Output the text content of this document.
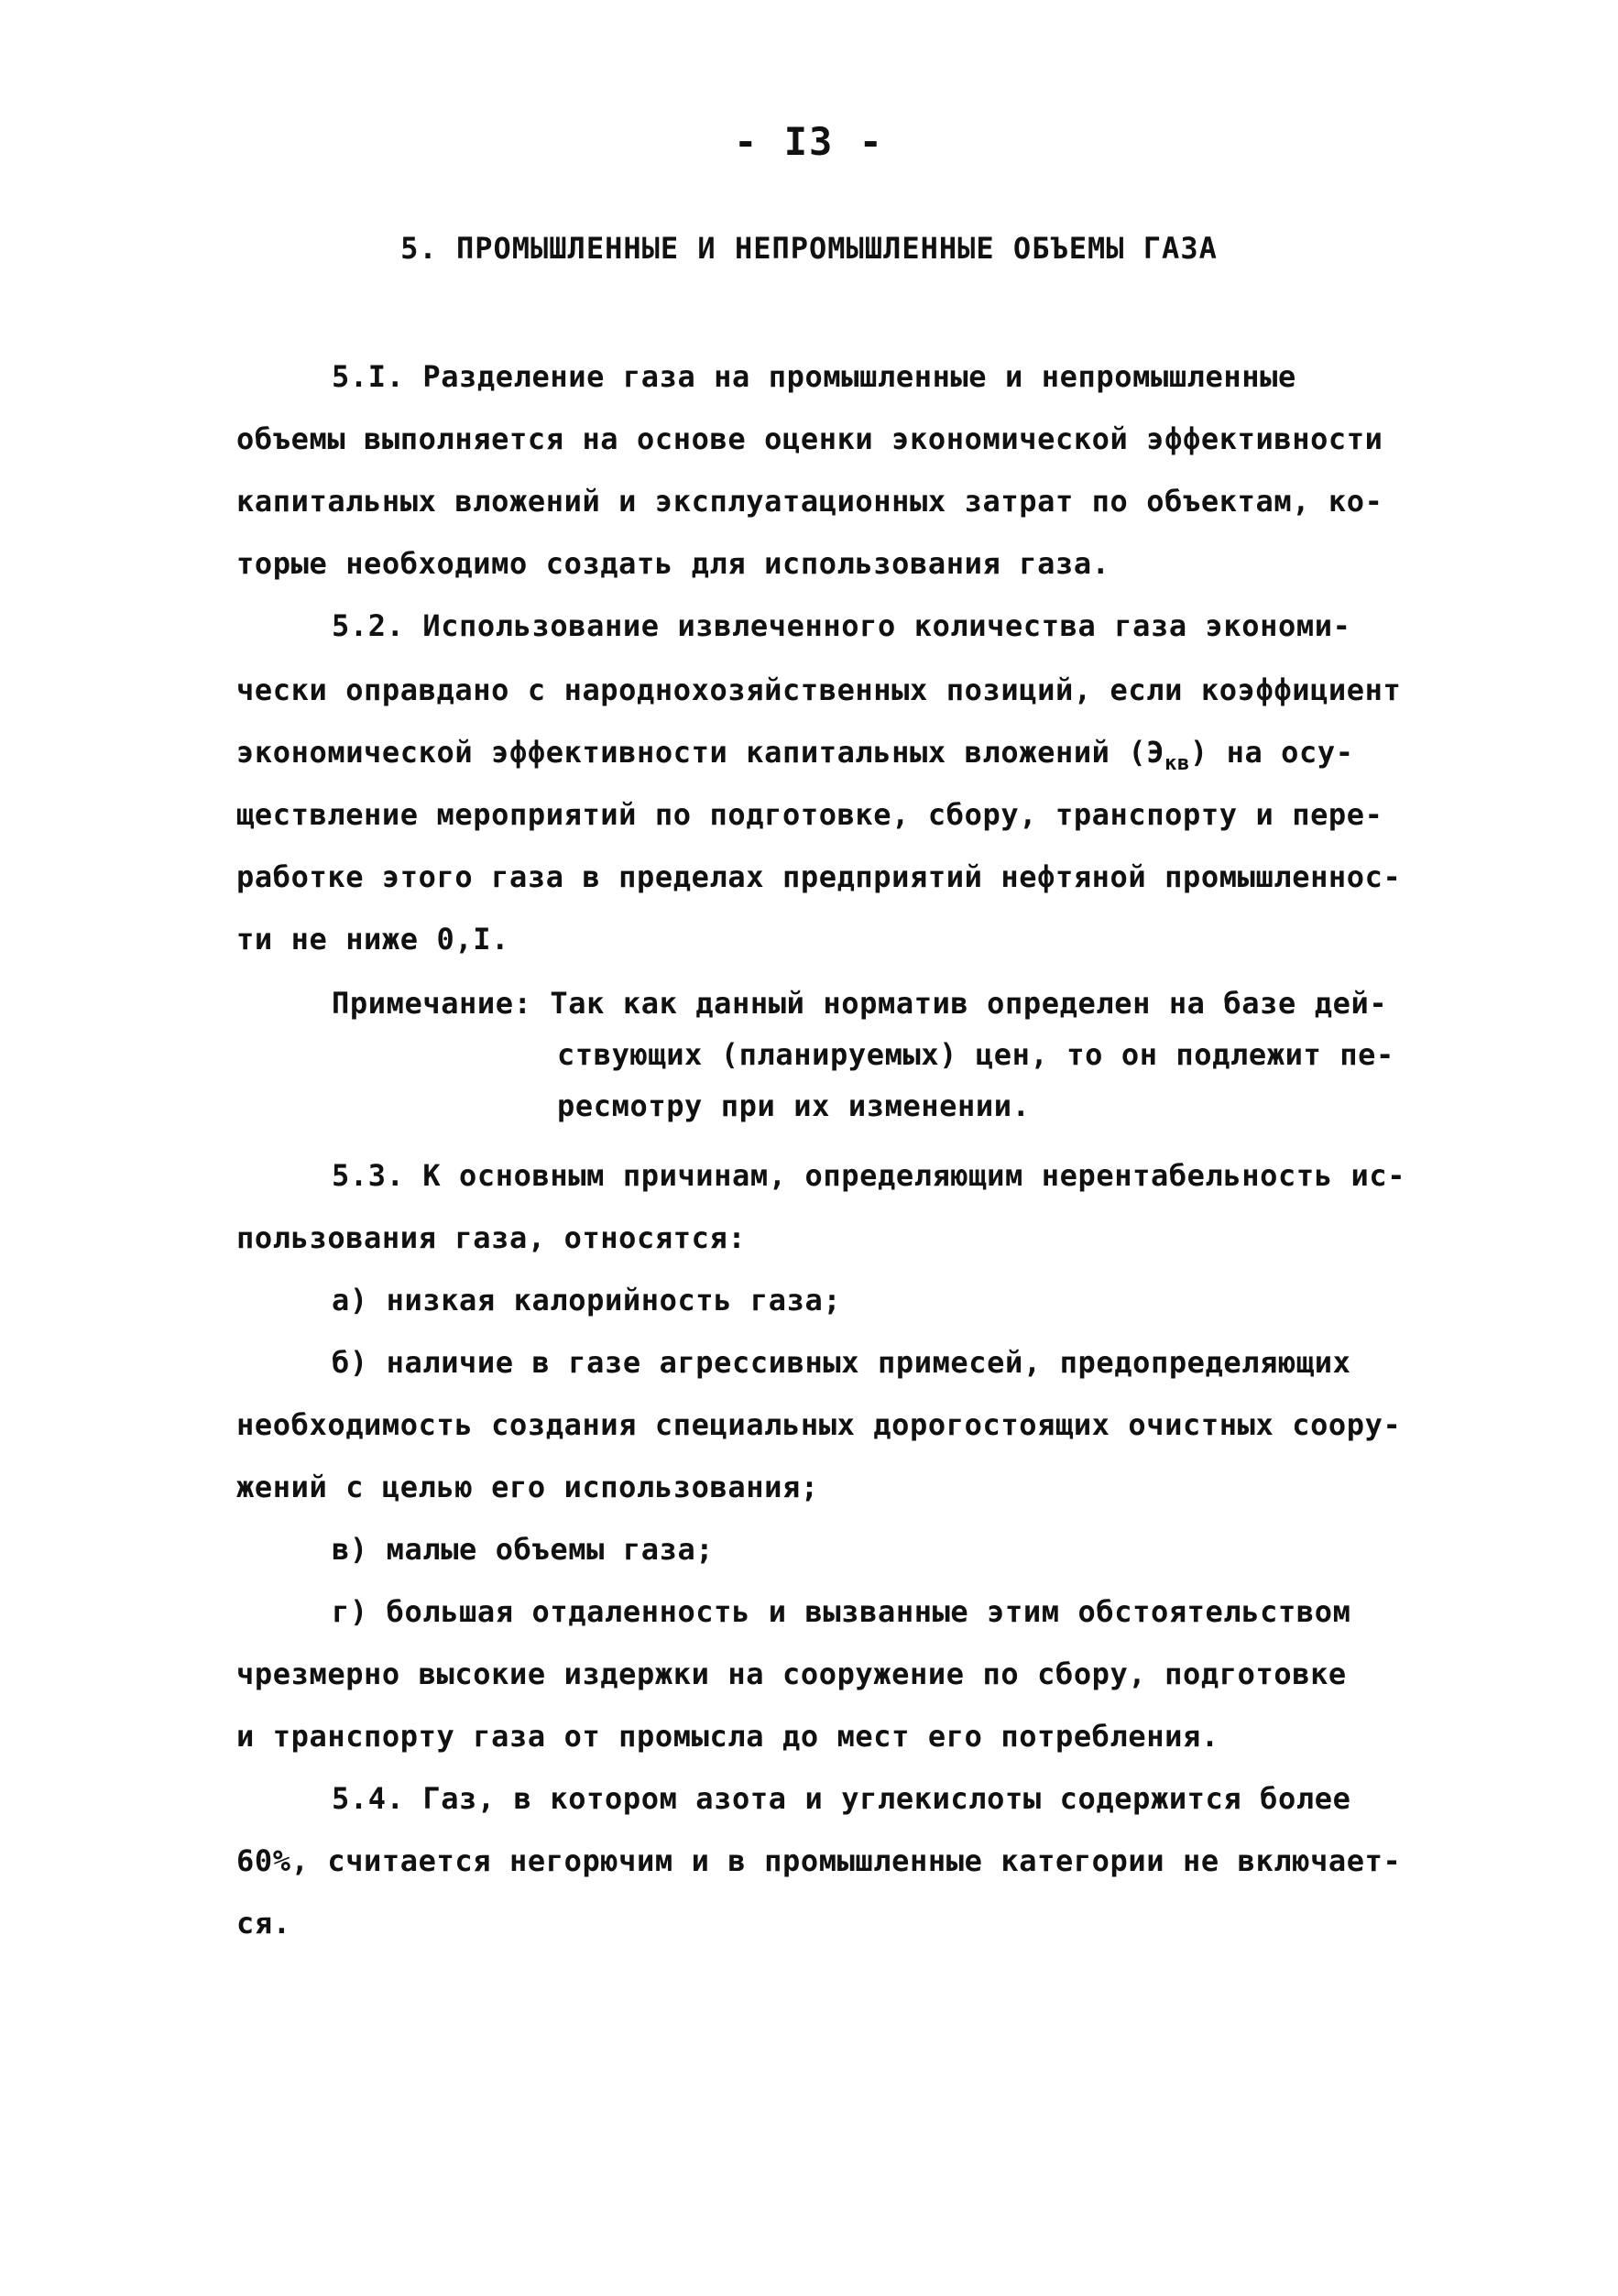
- I3 -
5. ПРОМЫШЛЕННЫЕ И НЕПРОМЫШЛЕННЫЕ ОБЪЕМЫ ГАЗА
5.I. Разделение газа на промышленные и непромышленные
объемы выполняется на основе оценки экономической эффективности
капитальных вложений и эксплуатационных затрат по объектам, ко-
торые необходимо создать для использования газа.
5.2. Использование извлеченного количества газа экономи-
чески оправдано с народнохозяйственных позиций, если коэффициент
экономической эффективности капитальных вложений $(Э_{кв})$ на осу-
ществление мероприятий по подготовке, сбору, транспорту и пере-
работке этого газа в пределах предприятий нефтяной промышленнос-
ти не ниже 0,I.
Примечание: Так как данный норматив определен на базе дей-
ствующих (планируемых) цен, то он подлежит пе-
ресмотру при их изменении.
5.3. К основным причинам, определяющим нерентабельность ис-
пользования газа, относятся:
а) низкая калорийность газа;
б) наличие в газе агрессивных примесей, предопределяющих
необходимость создания специальных дорогостоящих очистных соору-
жений с целью его использования;
в) малые объемы газа;
г) большая отдаленность и вызванные этим обстоятельством
чрезмерно высокие издержки на сооружение по сбору, подготовке
и транспорту газа от промысла до мест его потребления.
5.4. Газ, в котором азота и углекислоты содержится более
60%, считается негорючим и в промышленные категории не включает-
ся.
